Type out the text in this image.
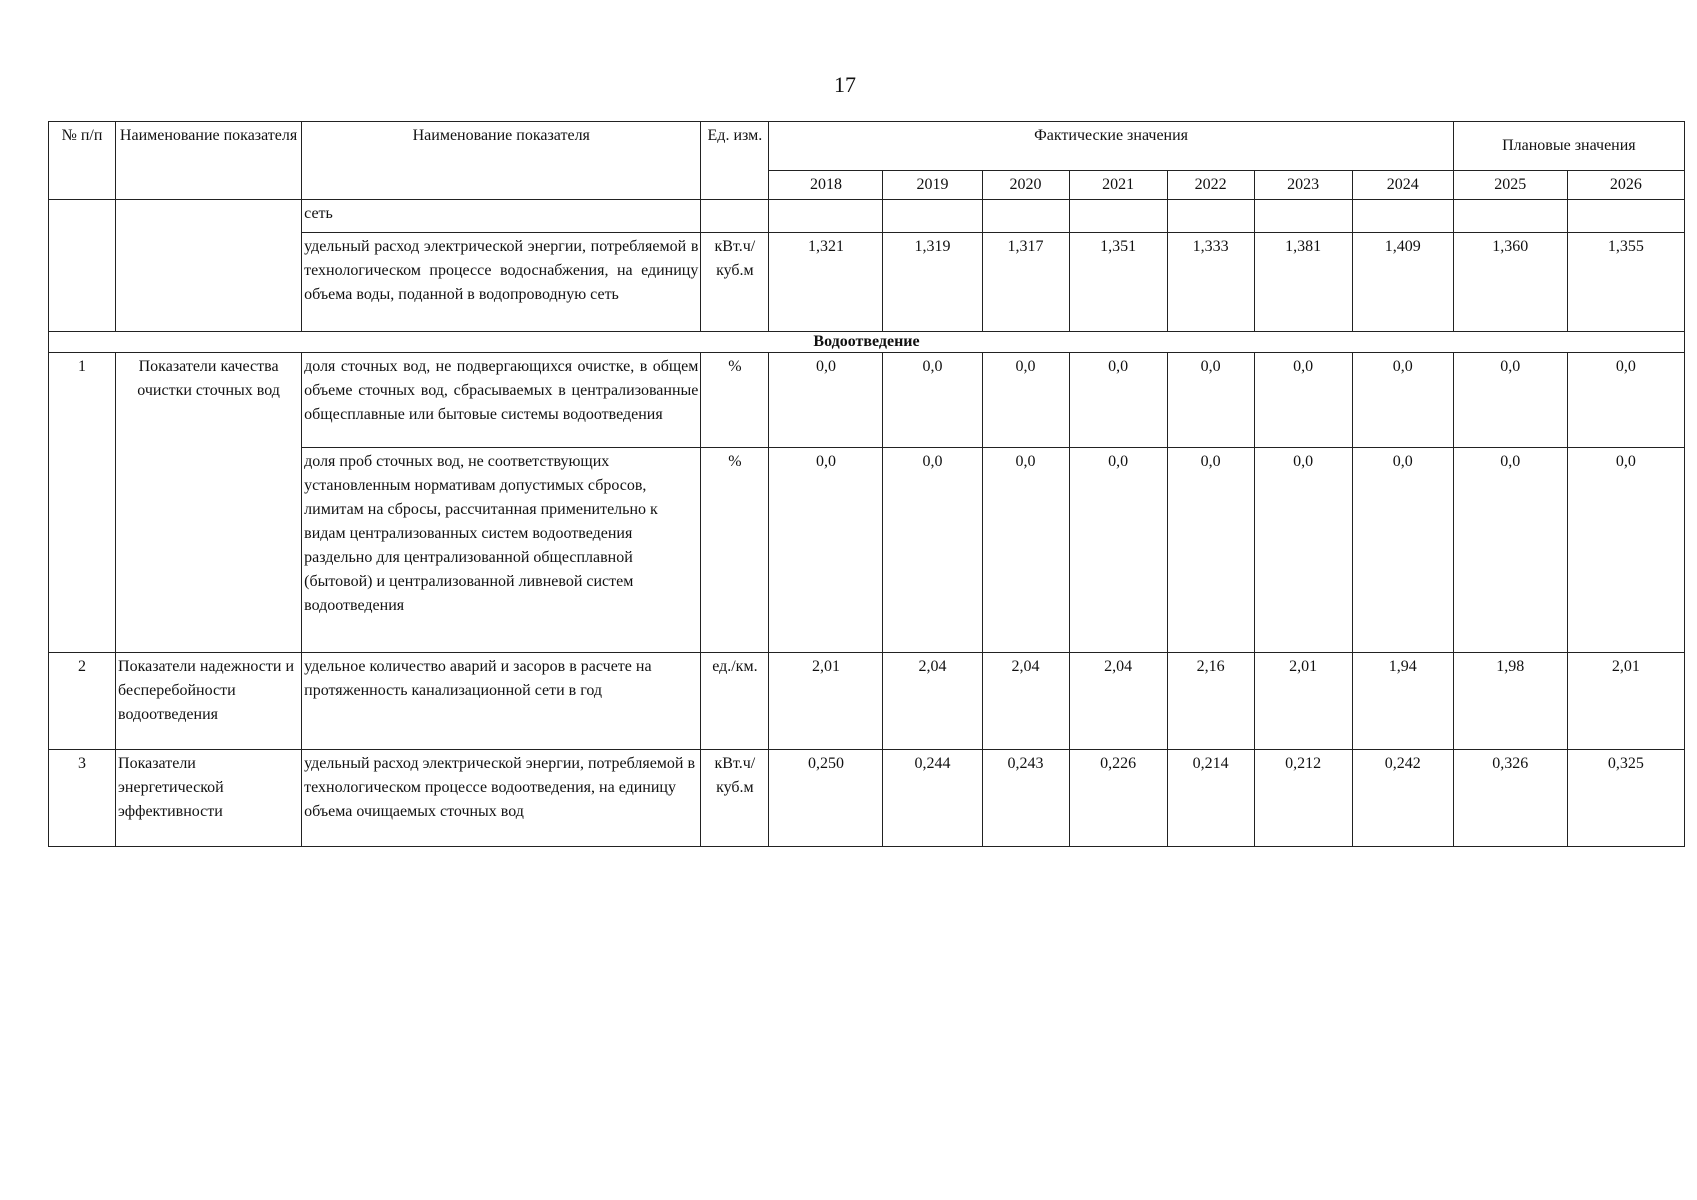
17
№ п/п	Наименование показателя	Наименование показателя	Ед. изм.	Фактические значения							Плановые значения	
				2018	2019	2020	2021	2022	2023	2024	2025	2026
		сеть										
		удельный расход электрической энергии, потребляемой в технологическом процессе водоснабжения, на единицу объема воды, поданной в водопроводную сеть	кВт.ч/куб.м	1,321	1,319	1,317	1,351	1,333	1,381	1,409	1,360	1,355
Водоотведение												
1	Показатели качества очистки сточных вод	доля сточных вод, не подвергающихся очистке, в общем объеме сточных вод, сбрасываемых в централизованные общесплавные или бытовые системы водоотведения	%	0,0	0,0	0,0	0,0	0,0	0,0	0,0	0,0	0,0
		доля проб сточных вод, не соответствующих установленным нормативам допустимых сбросов, лимитам на сбросы, рассчитанная применительно к видам централизованных систем водоотведения раздельно для централизованной общесплавной (бытовой) и централизованной ливневой систем водоотведения	%	0,0	0,0	0,0	0,0	0,0	0,0	0,0	0,0	0,0
2	Показатели надежности и бесперебойности водоотведения	удельное количество аварий и засоров в расчете на протяженность канализационной сети в год	ед./км.	2,01	2,04	2,04	2,04	2,16	2,01	1,94	1,98	2,01
3	Показатели энергетической эффективности	удельный расход электрической энергии, потребляемой в технологическом процессе водоотведения, на единицу объема очищаемых сточных вод	кВт.ч/куб.м	0,250	0,244	0,243	0,226	0,214	0,212	0,242	0,326	0,325
